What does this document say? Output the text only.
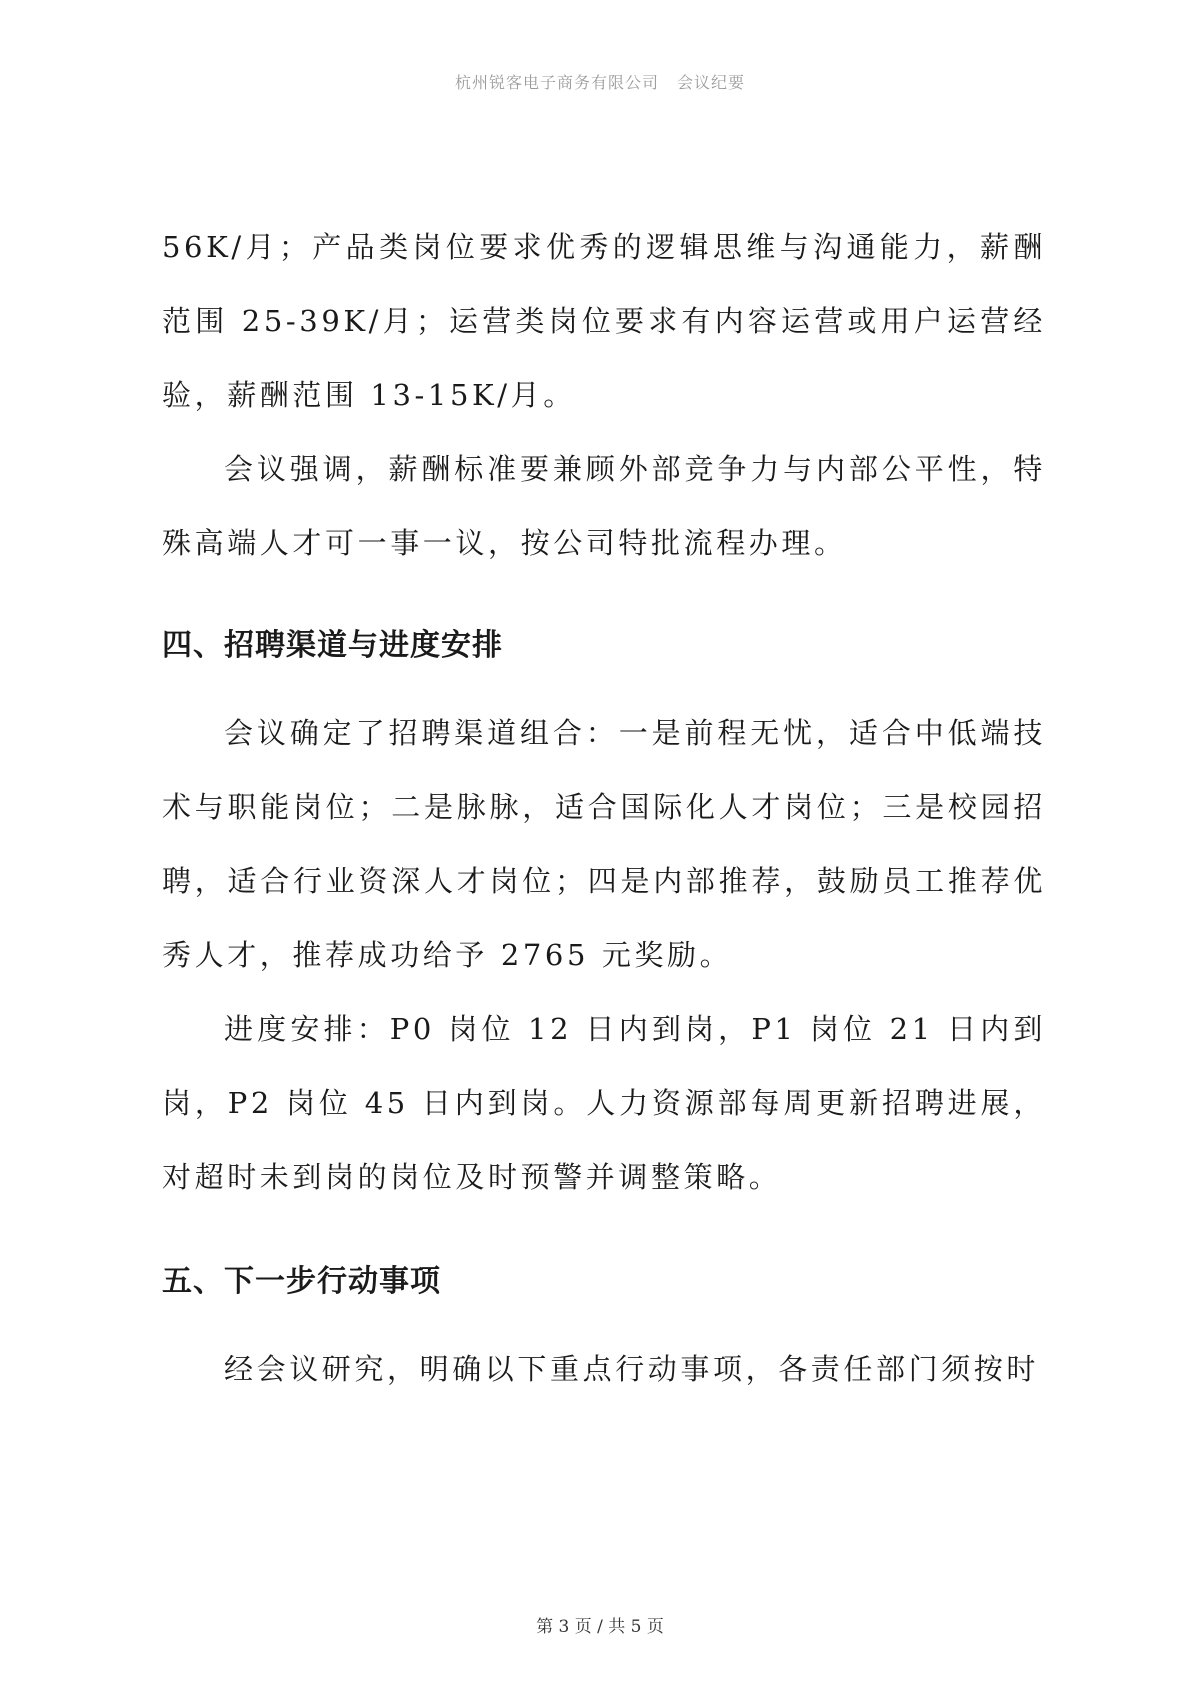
杭州锐客电子商务有限公司 会议纪要

56K/月；产品类岗位要求优秀的逻辑思维与沟通能力，薪酬范围 25-39K/月；运营类岗位要求有内容运营或用户运营经验，薪酬范围 13-15K/月。

会议强调，薪酬标准要兼顾外部竞争力与内部公平性，特殊高端人才可一事一议，按公司特批流程办理。

四、招聘渠道与进度安排

会议确定了招聘渠道组合：一是前程无忧，适合中低端技术与职能岗位；二是脉脉，适合国际化人才岗位；三是校园招聘，适合行业资深人才岗位；四是内部推荐，鼓励员工推荐优秀人才，推荐成功给予 2765 元奖励。

进度安排：P0 岗位 12 日内到岗，P1 岗位 21 日内到岗，P2 岗位 45 日内到岗。人力资源部每周更新招聘进展，对超时未到岗的岗位及时预警并调整策略。

五、下一步行动事项

经会议研究，明确以下重点行动事项，各责任部门须按时

第 3 页 / 共 5 页
